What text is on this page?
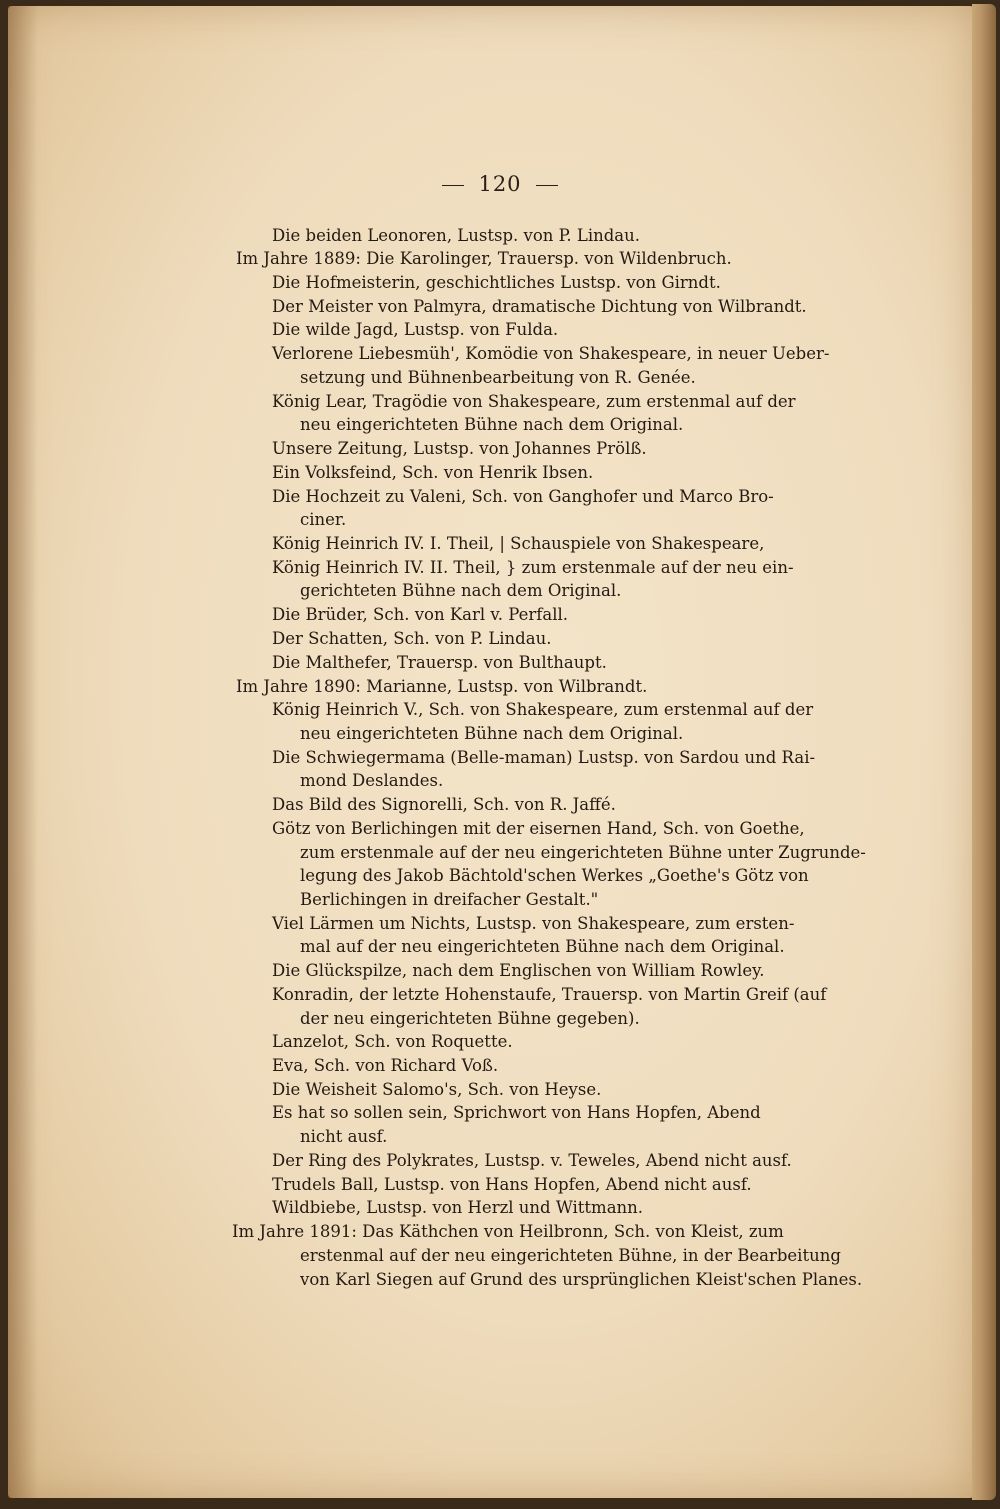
120
Die beiden Leonoren, Lustsp. von P. Lindau.
Im Jahre 1889: Die Karolinger, Trauersp. von Wildenbruch.
Die Hofmeisterin, geschichtliches Lustsp. von Girndt.
Der Meister von Palmyra, dramatische Dichtung von Wilbrandt.
Die wilde Jagd, Lustsp. von Fulda.
Verlorene Liebesmüh', Komödie von Shakespeare, in neuer Ueber-
setzung und Bühnenbearbeitung von R. Genée.
König Lear, Tragödie von Shakespeare, zum erstenmal auf der
neu eingerichteten Bühne nach dem Original.
Unsere Zeitung, Lustsp. von Johannes Prölß.
Ein Volksfeind, Sch. von Henrik Ibsen.
Die Hochzeit zu Valeni, Sch. von Ganghofer und Marco Bro-
ciner.
König Heinrich IV. I. Theil, | Schauspiele von Shakespeare,
König Heinrich IV. II. Theil, } zum erstenmale auf der neu ein-
gerichteten Bühne nach dem Original.
Die Brüder, Sch. von Karl v. Perfall.
Der Schatten, Sch. von P. Lindau.
Die Malthefer, Trauersp. von Bulthaupt.
Im Jahre 1890: Marianne, Lustsp. von Wilbrandt.
König Heinrich V., Sch. von Shakespeare, zum erstenmal auf der
neu eingerichteten Bühne nach dem Original.
Die Schwiegermama (Belle-maman) Lustsp. von Sardou und Rai-
mond Deslandes.
Das Bild des Signorelli, Sch. von R. Jaffé.
Götz von Berlichingen mit der eisernen Hand, Sch. von Goethe,
zum erstenmale auf der neu eingerichteten Bühne unter Zugrunde-
legung des Jakob Bächtold'schen Werkes „Goethe's Götz von
Berlichingen in dreifacher Gestalt."
Viel Lärmen um Nichts, Lustsp. von Shakespeare, zum ersten-
mal auf der neu eingerichteten Bühne nach dem Original.
Die Glückspilze, nach dem Englischen von William Rowley.
Konradin, der letzte Hohenstaufe, Trauersp. von Martin Greif (auf
der neu eingerichteten Bühne gegeben).
Lanzelot, Sch. von Roquette.
Eva, Sch. von Richard Voß.
Die Weisheit Salomo's, Sch. von Heyse.
Es hat so sollen sein, Sprichwort von Hans Hopfen, Abend
nicht ausf.
Der Ring des Polykrates, Lustsp. v. Teweles, Abend nicht ausf.
Trudels Ball, Lustsp. von Hans Hopfen, Abend nicht ausf.
Wildbiebe, Lustsp. von Herzl und Wittmann.
Im Jahre 1891: Das Käthchen von Heilbronn, Sch. von Kleist, zum
erstenmal auf der neu eingerichteten Bühne, in der Bearbeitung
von Karl Siegen auf Grund des ursprünglichen Kleist'schen Planes.
